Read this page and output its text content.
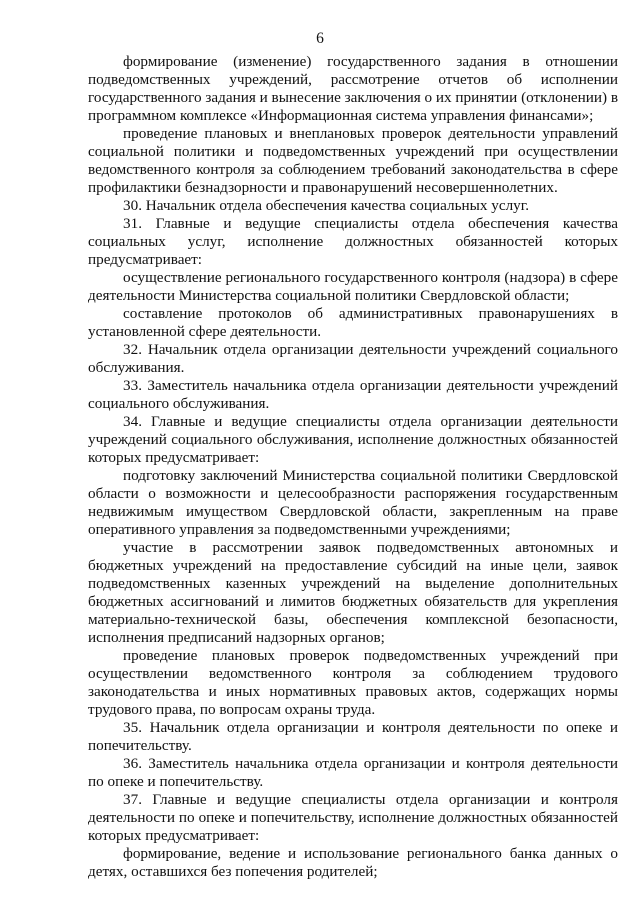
6

формирование (изменение) государственного задания в отношении подведомственных учреждений, рассмотрение отчетов об исполнении государственного задания и вынесение заключения о их принятии (отклонении) в программном комплексе «Информационная система управления финансами»;

проведение плановых и внеплановых проверок деятельности управлений социальной политики и подведомственных учреждений при осуществлении ведомственного контроля за соблюдением требований законодательства в сфере профилактики безнадзорности и правонарушений несовершеннолетних.

30. Начальник отдела обеспечения качества социальных услуг.

31. Главные и ведущие специалисты отдела обеспечения качества социальных услуг, исполнение должностных обязанностей которых предусматривает:

осуществление регионального государственного контроля (надзора) в сфере деятельности Министерства социальной политики Свердловской области;

составление протоколов об административных правонарушениях в установленной сфере деятельности.

32. Начальник отдела организации деятельности учреждений социального обслуживания.

33. Заместитель начальника отдела организации деятельности учреждений социального обслуживания.

34. Главные и ведущие специалисты отдела организации деятельности учреждений социального обслуживания, исполнение должностных обязанностей которых предусматривает:

подготовку заключений Министерства социальной политики Свердловской области о возможности и целесообразности распоряжения государственным недвижимым имуществом Свердловской области, закрепленным на праве оперативного управления за подведомственными учреждениями;

участие в рассмотрении заявок подведомственных автономных и бюджетных учреждений на предоставление субсидий на иные цели, заявок подведомственных казенных учреждений на выделение дополнительных бюджетных ассигнований и лимитов бюджетных обязательств для укрепления материально-технической базы, обеспечения комплексной безопасности, исполнения предписаний надзорных органов;

проведение плановых проверок подведомственных учреждений при осуществлении ведомственного контроля за соблюдением трудового законодательства и иных нормативных правовых актов, содержащих нормы трудового права, по вопросам охраны труда.

35. Начальник отдела организации и контроля деятельности по опеке и попечительству.

36. Заместитель начальника отдела организации и контроля деятельности по опеке и попечительству.

37. Главные и ведущие специалисты отдела организации и контроля деятельности по опеке и попечительству, исполнение должностных обязанностей которых предусматривает:

формирование, ведение и использование регионального банка данных о детях, оставшихся без попечения родителей;
